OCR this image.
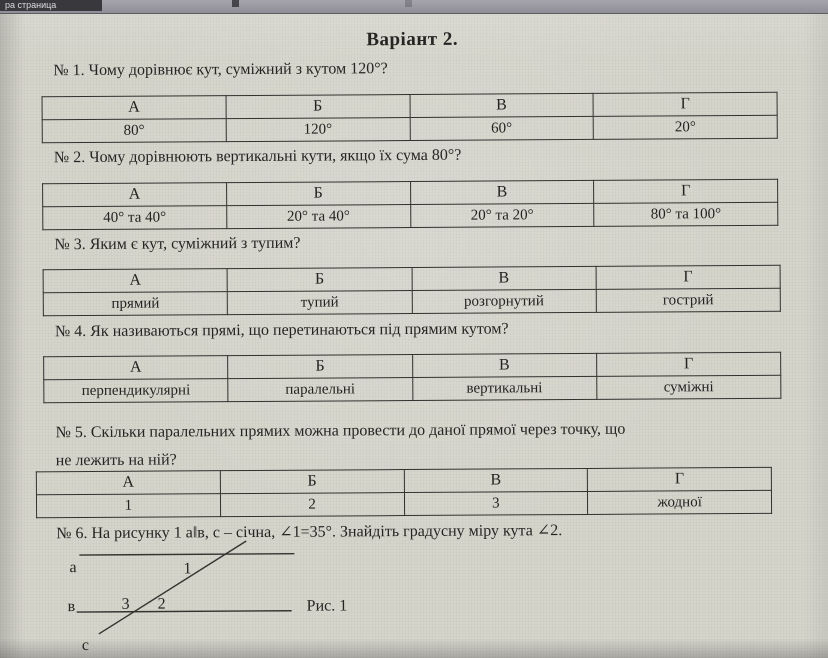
ра страница
Варіант 2.
№ 1. Чому дорівнює кут, суміжний з кутом 120°?
А	Б	В	Г
80°	120°	60°	20°
№ 2. Чому дорівнюють вертикальні кути, якщо їх сума 80°?
А	Б	В	Г
40° та 40°	20° та 40°	20° та 20°	80° та 100°
№ 3. Яким є кут, суміжний з тупим?
А	Б	В	Г
прямий	тупий	розгорнутий	гострий
№ 4. Як називаються прямі, що перетинаються під прямим кутом?
А	Б	В	Г
перпендикулярні	паралельні	вертикальні	суміжні
№ 5. Скільки паралельних прямих можна провести до даної прямої через точку, що
не лежить на ній?
А	Б	В	Г
1	2	3	жодної
№ 6. На рисунку 1 а‖в, с – січна, ∠1=35°. Знайдіть градусну міру кута ∠2.
а	1
в	3 2
с
Рис. 1
